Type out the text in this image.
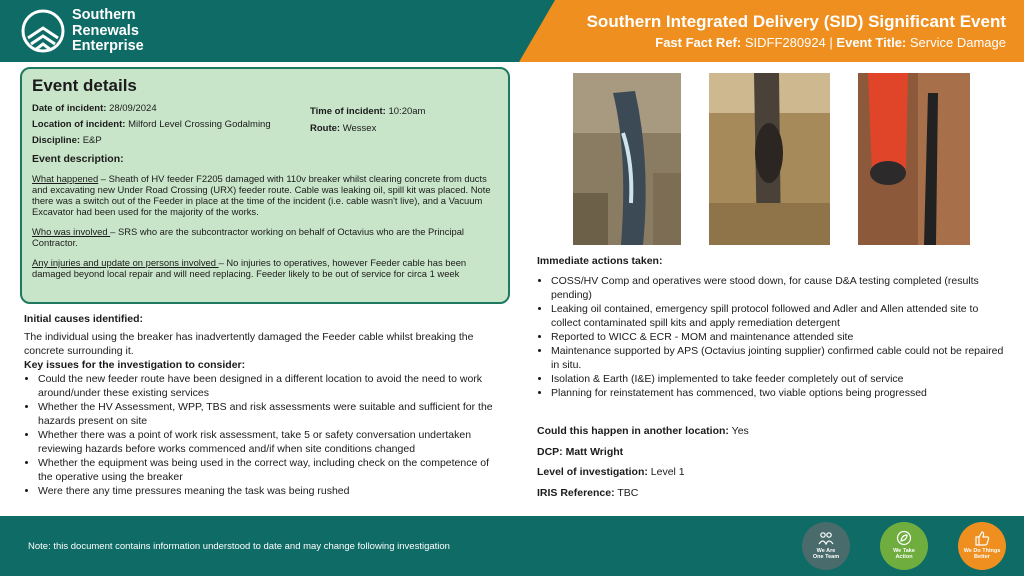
Southern
Renewals
Enterprise
Southern Integrated Delivery (SID) Significant Event
Fast Fact Ref: SIDFF280924 | Event Title: Service Damage
Event details
Date of incident: 28/09/2024	Time of incident: 10:20am
Location of incident: Milford Level Crossing Godalming	Route: Wessex
Discipline: E&P
Event description:
What happened – Sheath of HV feeder F2205 damaged with 110v breaker whilst clearing concrete from ducts and excavating new Under Road Crossing (URX) feeder route. Cable was leaking oil, spill kit was placed. Note there was a switch out of the Feeder in place at the time of the incident (i.e. cable wasn't live), and a Vacuum Excavator had been used for the majority of the works.
Who was involved – SRS who are the subcontractor working on behalf of Octavius who are the Principal Contractor.
Any injuries and update on persons involved – No injuries to operatives, however Feeder cable has been damaged beyond local repair and will need replacing. Feeder likely to be out of service for circa 1 week
Initial causes identified:

The individual using the breaker has inadvertently damaged the Feeder cable whilst breaking the concrete surrounding it.

Key issues for the investigation to consider:
• Could the new feeder route have been designed in a different location to avoid the need to work around/under these existing services
• Whether the HV Assessment, WPP, TBS and risk assessments were suitable and sufficient for the hazards present on site
• Whether there was a point of work risk assessment, take 5 or safety conversation undertaken reviewing hazards before works commenced and/if when site conditions changed
• Whether the equipment was being used in the correct way, including check on the competence of the operative using the breaker
• Were there any time pressures meaning the task was being rushed
Immediate actions taken:
• COSS/HV Comp and operatives were stood down, for cause D&A testing completed (results pending)
• Leaking oil contained, emergency spill protocol followed and Adler and Allen attended site to collect contaminated spill kits and apply remediation detergent
• Reported to WICC & ECR - MOM and maintenance attended site
• Maintenance supported by APS (Octavius jointing supplier) confirmed cable could not be repaired in situ.
• Isolation & Earth (I&E) implemented to take feeder completely out of service
• Planning for reinstatement has commenced, two viable options being progressed
Could this happen in another location: Yes
DCP: Matt Wright
Level of investigation: Level 1
IRIS Reference: TBC
Note: this document contains information understood to date and may change following investigation	We Are
One Team
We Take
Action
We Do Things
Better
